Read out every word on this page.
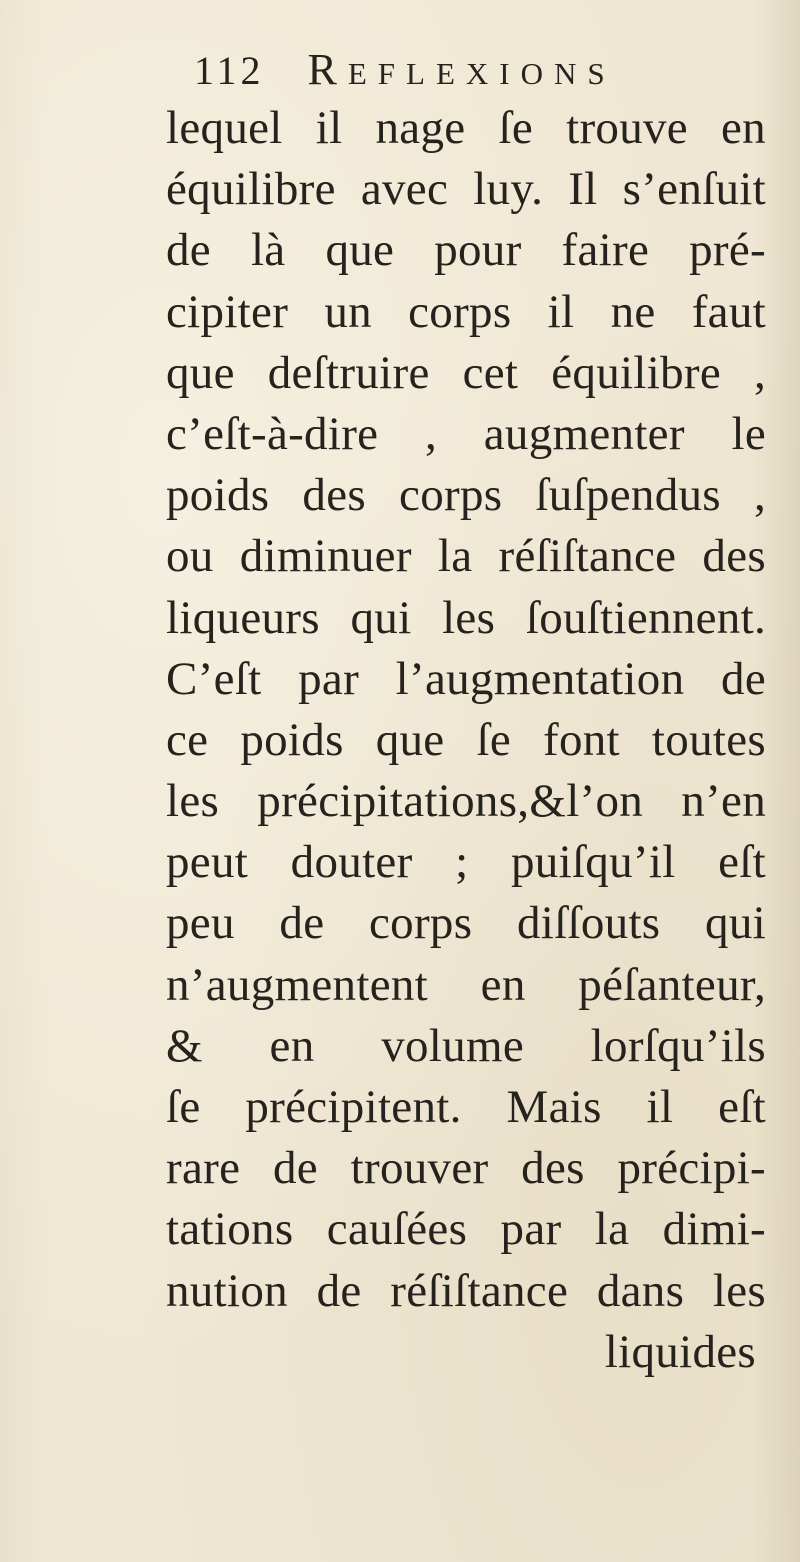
112 Reflexions
lequel il nage ſe trouve en
équilibre avec luy. Il s’enſuit
de là que pour faire pré-
cipiter un corps il ne faut
que deſtruire cet équilibre ,
c’eſt-à-dire , augmenter le
poids des corps ſuſpendus ,
ou diminuer la réſiſtance des
liqueurs qui les ſouſtiennent.
C’eſt par l’augmentation de
ce poids que ſe font toutes
les précipitations,&l’on n’en
peut douter ; puiſqu’il eſt
peu de corps diſſouts qui
n’augmentent en péſanteur,
& en volume lorſqu’ils
ſe précipitent. Mais il eſt
rare de trouver des précipi-
tations cauſées par la dimi-
nution de réſiſtance dans les
liquides
